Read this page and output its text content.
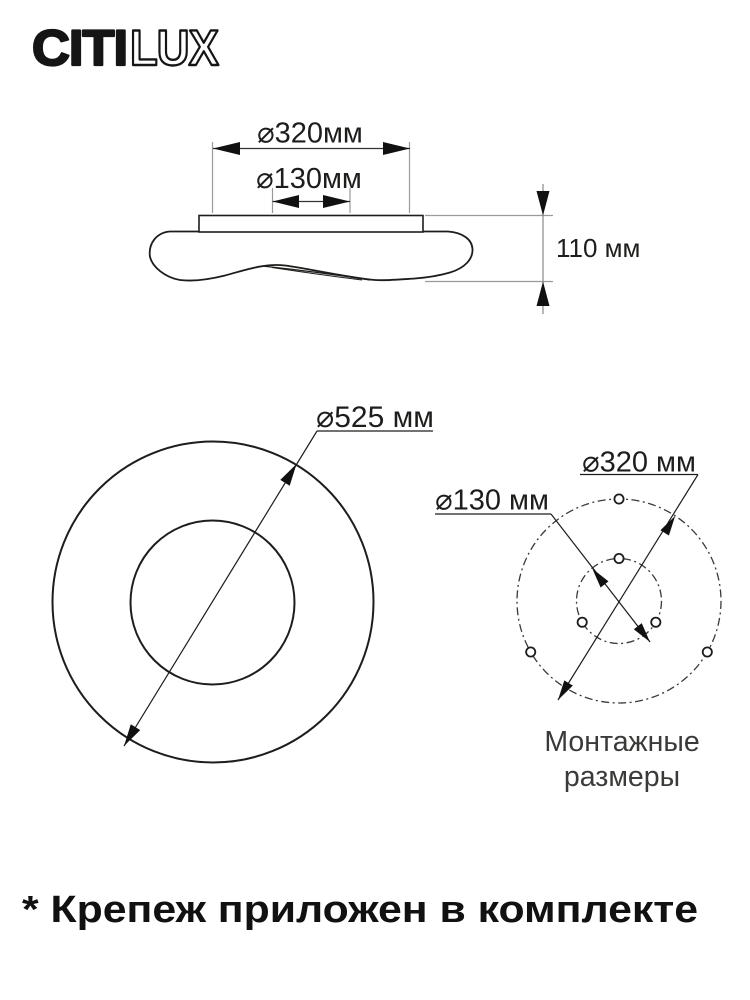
CITI LUX
⌀320мм
⌀130мм
110 мм
⌀525 мм
⌀320 мм
⌀130 мм
Монтажные
размеры
* Крепеж приложен в комплекте
